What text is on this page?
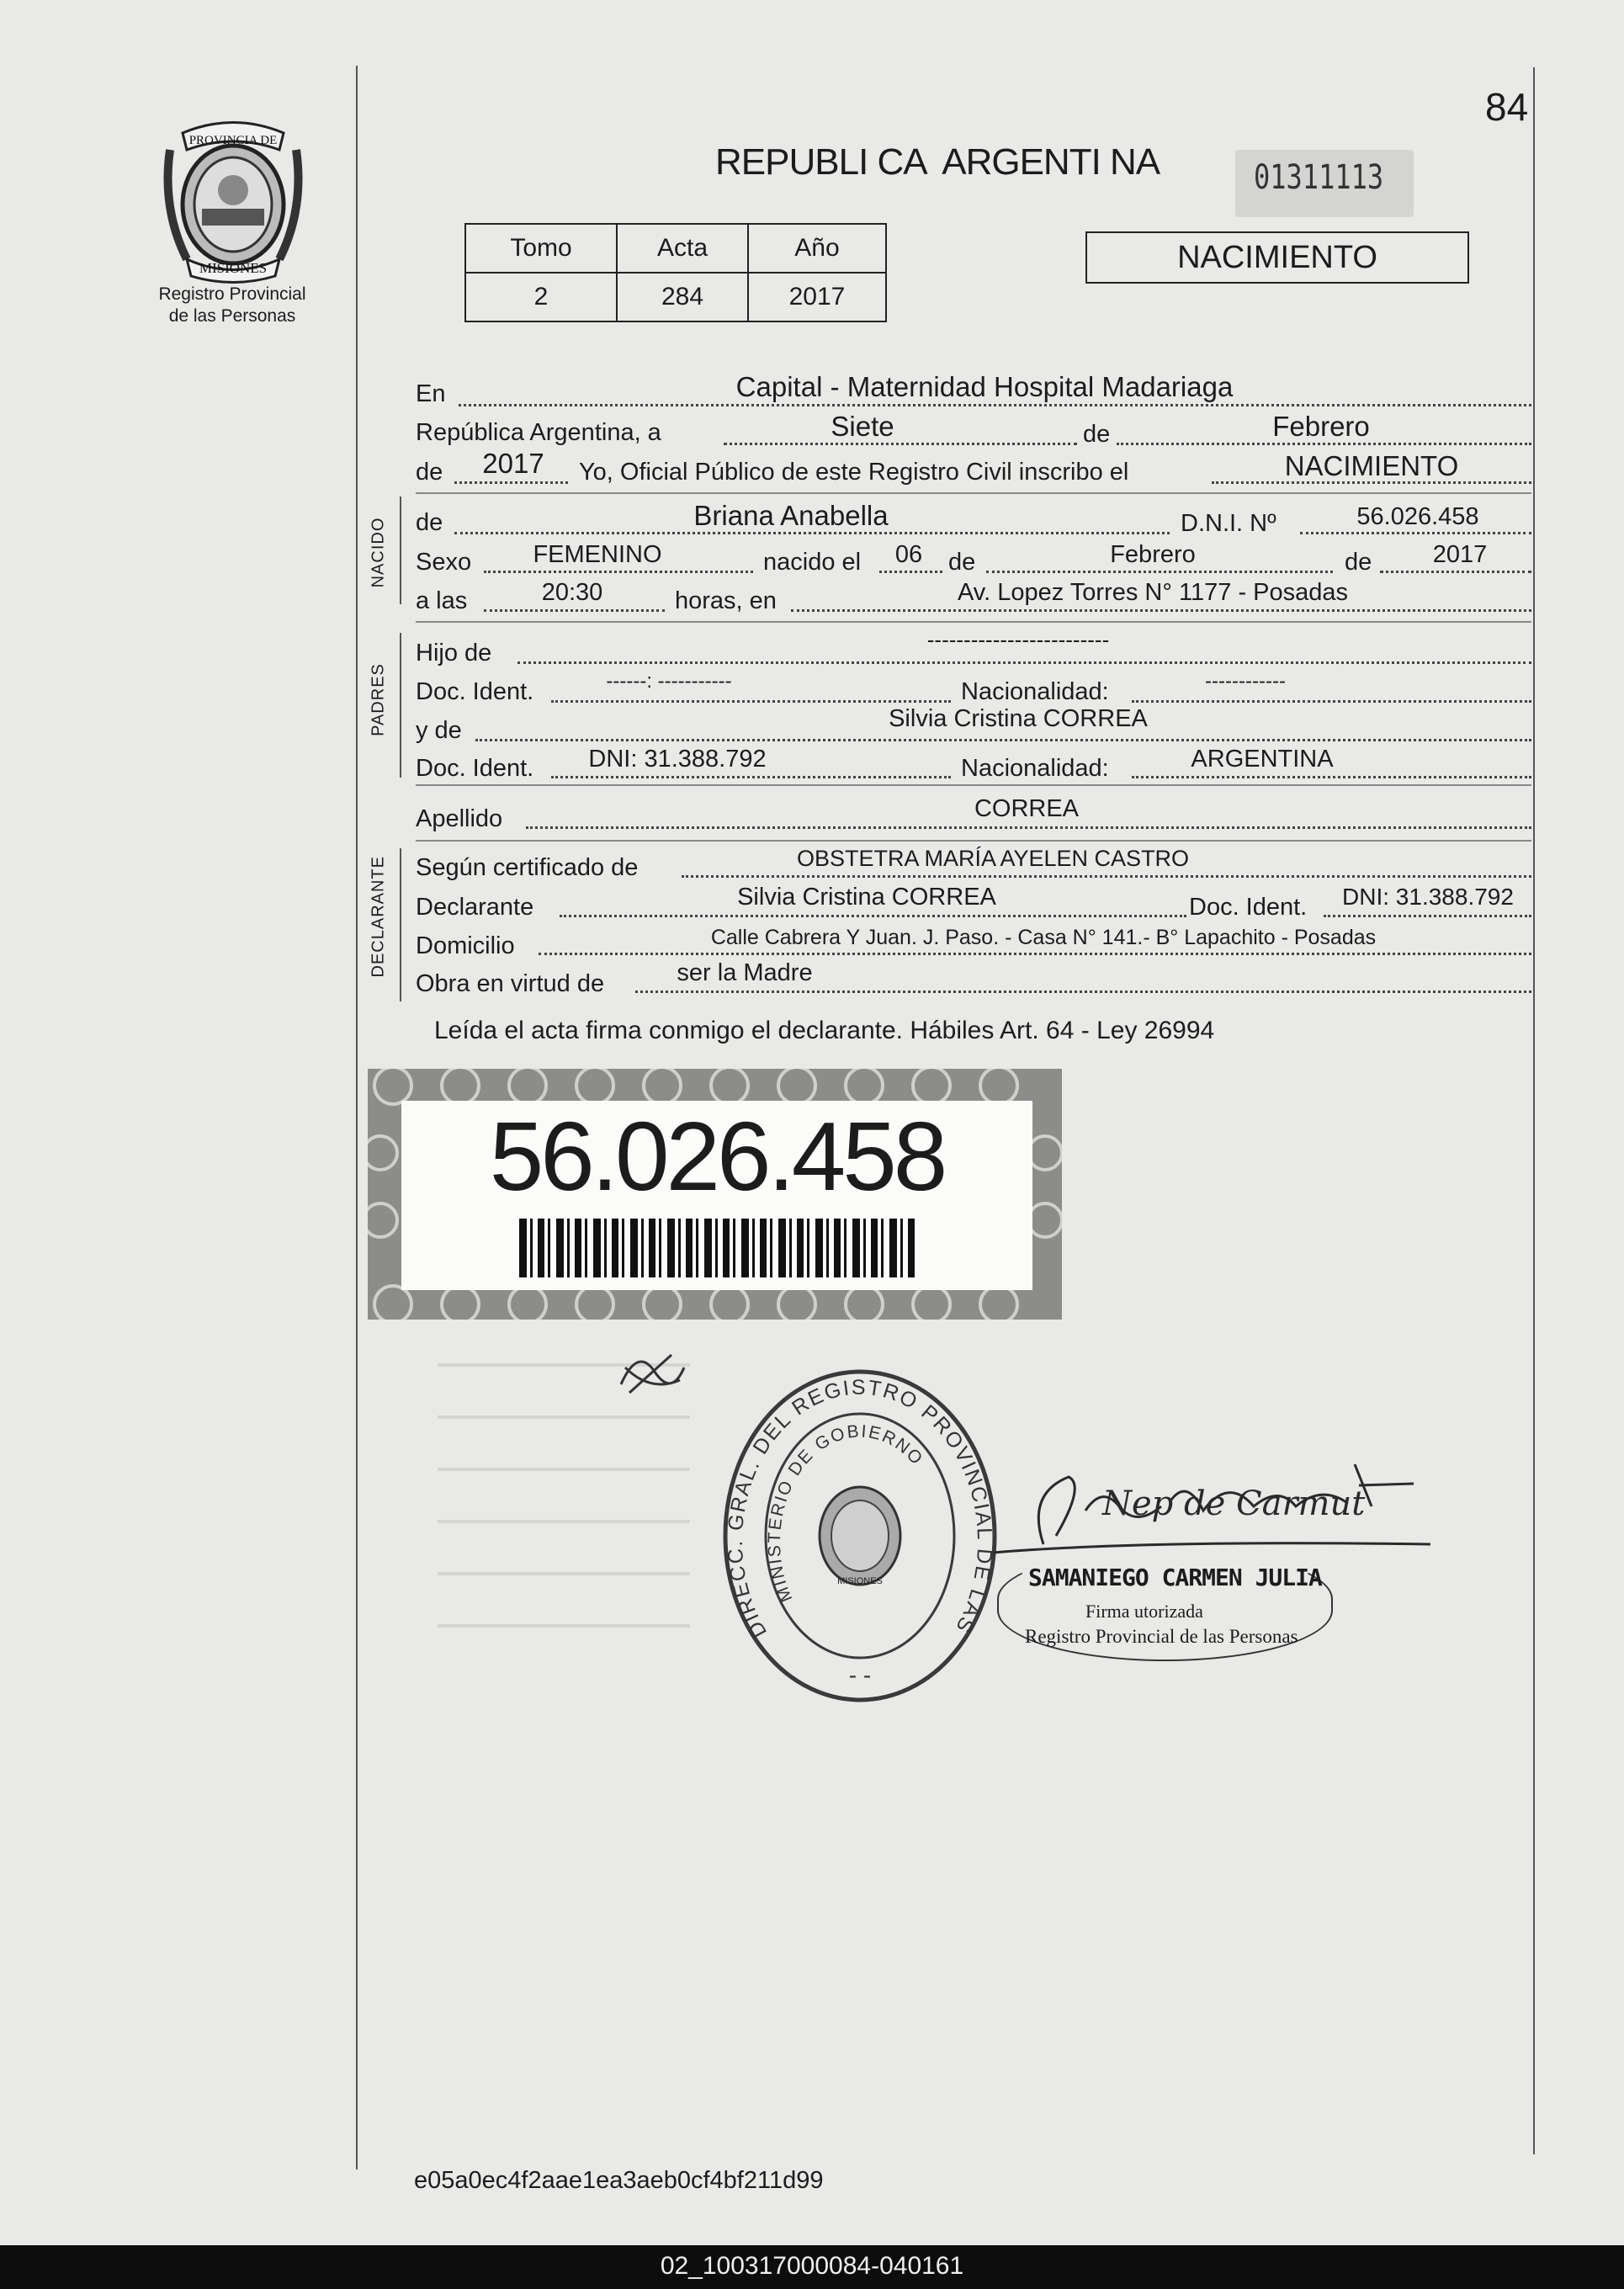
84
PROVINCIA DE
MISIONES
Registro Provincial
de las Personas
REPUBLI CA  ARGENTI NA	01311113
Tomo	Acta	Año
2	284	2017
NACIMIENTO
En	Capital - Maternidad Hospital Madariaga
República Argentina, a	Siete	de	Febrero
de	2017	Yo, Oficial Público de este Registro Civil inscribo el	NACIMIENTO
NACIDO de	Briana Anabella	D.N.I. Nº	56.026.458
Sexo	FEMENINO	nacido el	06	de	Febrero	de	2017
a las	20:30	horas, en	Av. Lopez Torres N° 1177 - Posadas
PADRES
Hijo de	-------------------------
Doc. Ident.	------: -----------	Nacionalidad:	------------
y de	Silvia Cristina CORREA
Doc. Ident.	DNI: 31.388.792	Nacionalidad:	ARGENTINA
Apellido	CORREA
DECLARANTE Según certificado de	OBSTETRA MARÍA AYELEN CASTRO
Declarante	Silvia Cristina CORREA	Doc. Ident.	DNI: 31.388.792
Domicilio	Calle Cabrera Y Juan. J. Paso. - Casa N° 141.- B° Lapachito - Posadas
Obra en virtud de	ser la Madre
Leída el acta firma conmigo el declarante. Hábiles Art. 64 - Ley 26994
56.026.458
DIRECC. GRAL. DEL REGISTRO PROVINCIAL DE LAS
MINISTERIO DE GOBIERNO
MISIONES
- -
Nep de Carmut
SAMANIEGO CARMEN JULIA
Firma utorizada
Registro Provincial de las Personas
e05a0ec4f2aae1ea3aeb0cf4bf211d99
02_100317000084-040161
